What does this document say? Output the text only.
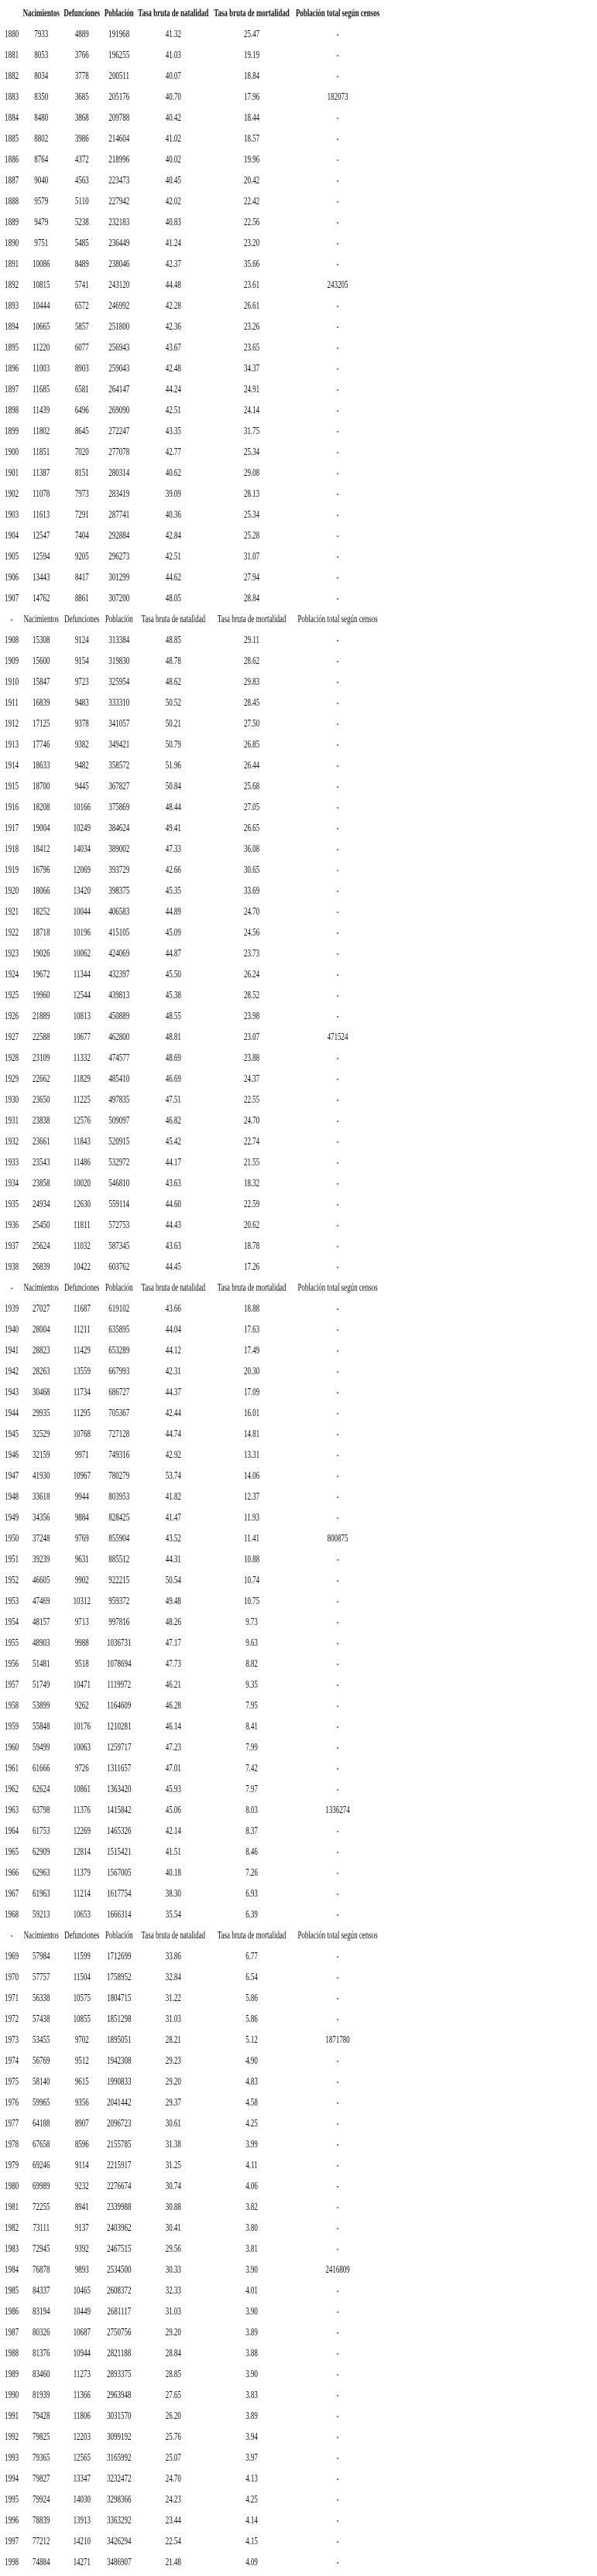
	Nacimientos	Defunciones	Población	Tasa bruta de natalidad	Tasa bruta de mortalidad	Población total según censos
1880	7933	4889	191968	41.32	25.47	-
1881	8053	3766	196255	41.03	19.19	-
1882	8034	3778	200511	40.07	18.84	-
1883	8350	3685	205176	40.70	17.96	182073
1884	8480	3868	209788	40.42	18.44	-
1885	8802	3986	214604	41.02	18.57	-
1886	8764	4372	218996	40.02	19.96	-
1887	9040	4563	223473	40.45	20.42	-
1888	9579	5110	227942	42.02	22.42	-
1889	9479	5238	232183	40.83	22.56	-
1890	9751	5485	236449	41.24	23.20	-
1891	10086	8489	238046	42.37	35.66	-
1892	10815	5741	243120	44.48	23.61	243205
1893	10444	6572	246992	42.28	26.61	-
1894	10665	5857	251800	42.36	23.26	-
1895	11220	6077	256943	43.67	23.65	-
1896	11003	8903	259043	42.48	34.37	-
1897	11685	6581	264147	44.24	24.91	-
1898	11439	6496	269090	42.51	24.14	-
1899	11802	8645	272247	43.35	31.75	-
1900	11851	7020	277078	42.77	25.34	-
1901	11387	8151	280314	40.62	29.08	-
1902	11078	7973	283419	39.09	28.13	-
1903	11613	7291	287741	40.36	25.34	-
1904	12547	7404	292884	42.84	25.28	-
1905	12594	9205	296273	42.51	31.07	-
1906	13443	8417	301299	44.62	27.94	-
1907	14762	8861	307200	48.05	28.84	-
-	Nacimientos	Defunciones	Población	Tasa bruta de natalidad	Tasa bruta de mortalidad	Población total según censos
1908	15308	9124	313384	48.85	29.11	-
1909	15600	9154	319830	48.78	28.62	-
1910	15847	9723	325954	48.62	29.83	-
1911	16839	9483	333310	50.52	28.45	-
1912	17125	9378	341057	50.21	27.50	-
1913	17746	9382	349421	50.79	26.85	-
1914	18633	9482	358572	51.96	26.44	-
1915	18700	9445	367827	50.84	25.68	-
1916	18208	10166	375869	48.44	27.05	-
1917	19004	10249	384624	49.41	26.65	-
1918	18412	14034	389002	47.33	36.08	-
1919	16796	12069	393729	42.66	30.65	-
1920	18066	13420	398375	45.35	33.69	-
1921	18252	10044	406583	44.89	24.70	-
1922	18718	10196	415105	45.09	24.56	-
1923	19026	10062	424069	44.87	23.73	-
1924	19672	11344	432397	45.50	26.24	-
1925	19960	12544	439813	45.38	28.52	-
1926	21889	10813	450889	48.55	23.98	-
1927	22588	10677	462800	48.81	23.07	471524
1928	23109	11332	474577	48.69	23.88	-
1929	22662	11829	485410	46.69	24.37	-
1930	23650	11225	497835	47.51	22.55	-
1931	23838	12576	509097	46.82	24.70	-
1932	23661	11843	520915	45.42	22.74	-
1933	23543	11486	532972	44.17	21.55	-
1934	23858	10020	546810	43.63	18.32	-
1935	24934	12630	559114	44.60	22.59	-
1936	25450	11811	572753	44.43	20.62	-
1937	25624	11032	587345	43.63	18.78	-
1938	26839	10422	603762	44.45	17.26	-
-	Nacimientos	Defunciones	Población	Tasa bruta de natalidad	Tasa bruta de mortalidad	Población total según censos
1939	27027	11687	619102	43.66	18.88	-
1940	28004	11211	635895	44.04	17.63	-
1941	28823	11429	653289	44.12	17.49	-
1942	28263	13559	667993	42.31	20.30	-
1943	30468	11734	686727	44.37	17.09	-
1944	29935	11295	705367	42.44	16.01	-
1945	32529	10768	727128	44.74	14.81	-
1946	32159	9971	749316	42.92	13.31	-
1947	41930	10967	780279	53.74	14.06	-
1948	33618	9944	803953	41.82	12.37	-
1949	34356	9884	828425	41.47	11.93	-
1950	37248	9769	855904	43.52	11.41	800875
1951	39239	9631	885512	44.31	10.88	-
1952	46605	9902	922215	50.54	10.74	-
1953	47469	10312	959372	49.48	10.75	-
1954	48157	9713	997816	48.26	9.73	-
1955	48903	9988	1036731	47.17	9.63	-
1956	51481	9518	1078694	47.73	8.82	-
1957	51749	10471	1119972	46.21	9.35	-
1958	53899	9262	1164609	46.28	7.95	-
1959	55848	10176	1210281	46.14	8.41	-
1960	59499	10063	1259717	47.23	7.99	-
1961	61666	9726	1311657	47.01	7.42	-
1962	62624	10861	1363420	45.93	7.97	-
1963	63798	11376	1415842	45.06	8.03	1336274
1964	61753	12269	1465326	42.14	8.37	-
1965	62909	12814	1515421	41.51	8.46	-
1966	62963	11379	1567005	40.18	7.26	-
1967	61963	11214	1617754	38.30	6.93	-
1968	59213	10653	1666314	35.54	6.39	-
-	Nacimientos	Defunciones	Población	Tasa bruta de natalidad	Tasa bruta de mortalidad	Población total según censos
1969	57984	11599	1712699	33.86	6.77	-
1970	57757	11504	1758952	32.84	6.54	-
1971	56338	10575	1804715	31.22	5.86	-
1972	57438	10855	1851298	31.03	5.86	-
1973	53455	9702	1895051	28.21	5.12	1871780
1974	56769	9512	1942308	29.23	4.90	-
1975	58140	9615	1990833	29.20	4.83	-
1976	59965	9356	2041442	29.37	4.58	-
1977	64188	8907	2096723	30.61	4.25	-
1978	67658	8596	2155785	31.38	3.99	-
1979	69246	9114	2215917	31.25	4.11	-
1980	69989	9232	2276674	30.74	4.06	-
1981	72255	8941	2339988	30.88	3.82	-
1982	73111	9137	2403962	30.41	3.80	-
1983	72945	9392	2467515	29.56	3.81	-
1984	76878	9893	2534500	30.33	3.90	2416809
1985	84337	10465	2608372	32.33	4.01	-
1986	83194	10449	2681117	31.03	3.90	-
1987	80326	10687	2750756	29.20	3.89	-
1988	81376	10944	2821188	28.84	3.88	-
1989	83460	11273	2893375	28.85	3.90	-
1990	81939	11366	2963948	27.65	3.83	-
1991	79428	11806	3031570	26.20	3.89	-
1992	79825	12203	3099192	25.76	3.94	-
1993	79365	12565	3165992	25.07	3.97	-
1994	79827	13347	3232472	24.70	4.13	-
1995	79924	14030	3298366	24.23	4.25	-
1996	78839	13913	3363292	23.44	4.14	-
1997	77212	14210	3426294	22.54	4.15	-
1998	74884	14271	3486907	21.48	4.09	-
